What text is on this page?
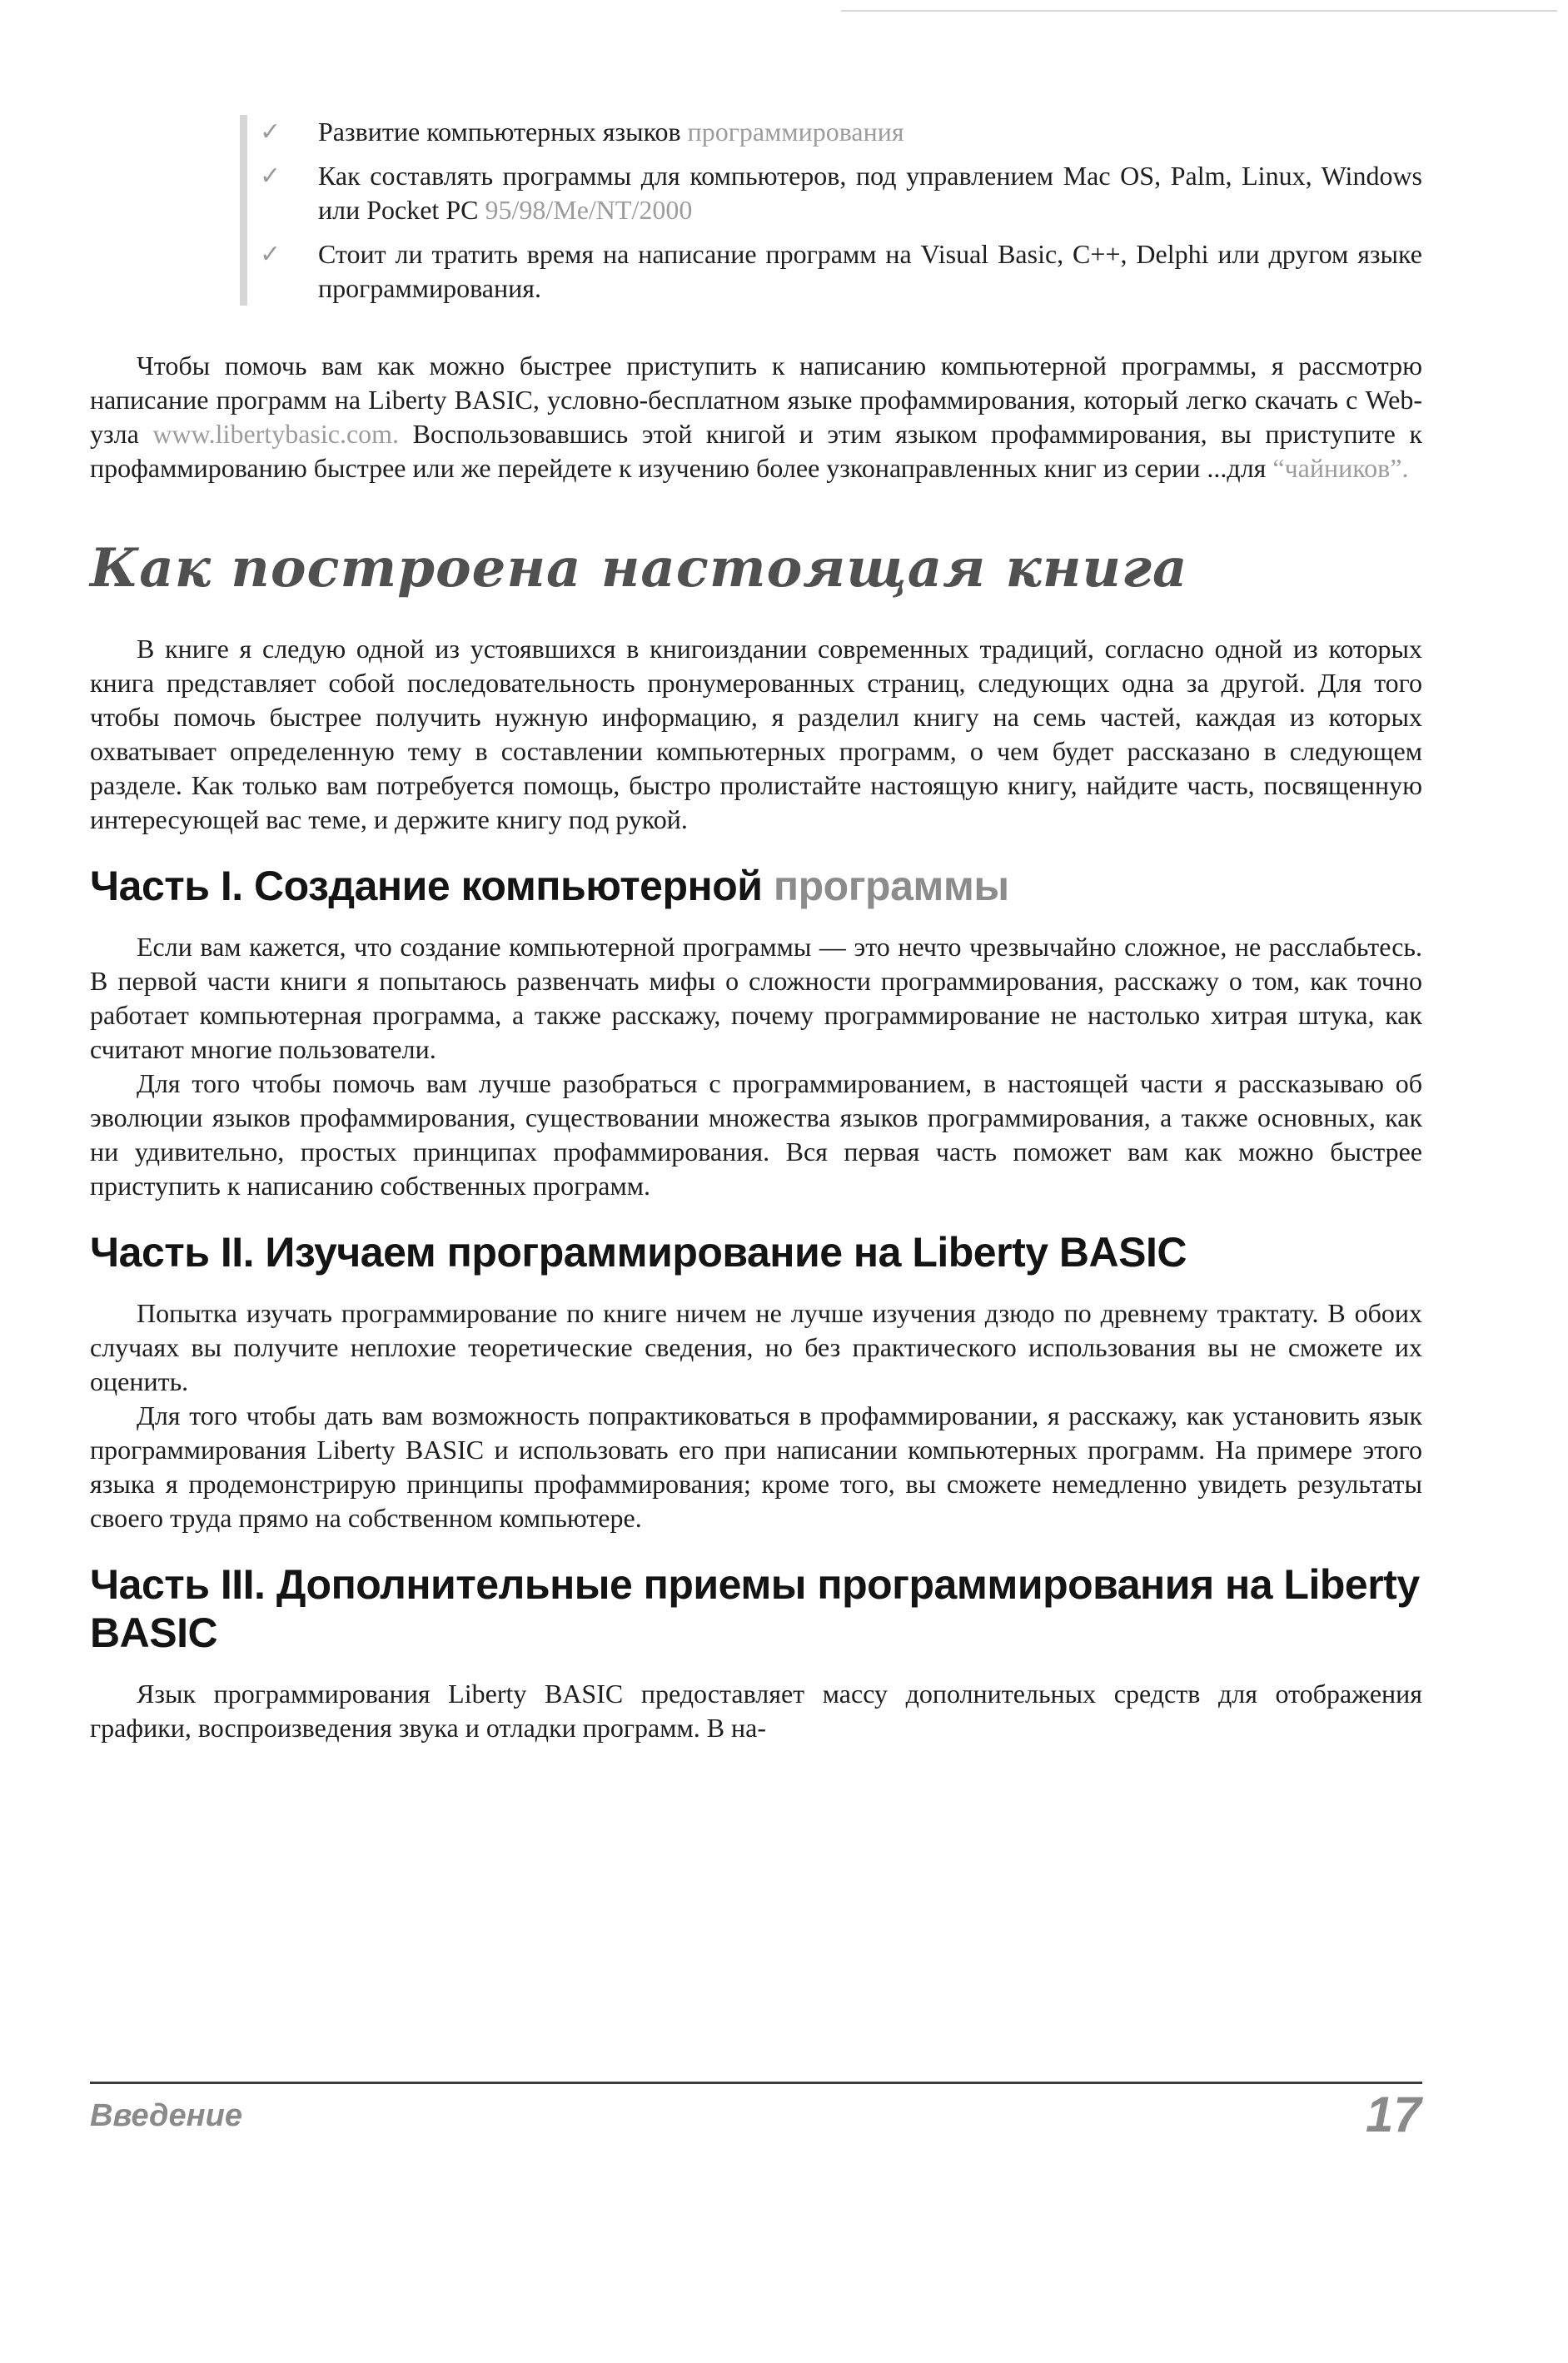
✓ Развитие компьютерных языков программирования
✓ Как составлять программы для компьютеров, под управлением Mac OS, Palm, Linux, Windows или Pocket PC 95/98/Me/NT/2000
✓ Стоит ли тратить время на написание программ на Visual Basic, C++, Delphi или другом языке программирования.

Чтобы помочь вам как можно быстрее приступить к написанию компьютерной программы, я рассмотрю написание программ на Liberty BASIC, условно-бесплатном языке профаммирования, который легко скачать с Web-узла www.libertybasic.com. Воспользовавшись этой книгой и этим языком профаммирования, вы приступите к профаммированию быстрее или же перейдете к изучению более узконаправленных книг из серии ...для “чайников”.

Как построена настоящая книга

В книге я следую одной из устоявшихся в книгоиздании современных традиций, согласно одной из которых книга представляет собой последовательность пронумерованных страниц, следующих одна за другой. Для того чтобы помочь быстрее получить нужную информацию, я разделил книгу на семь частей, каждая из которых охватывает определенную тему в составлении компьютерных программ, о чем будет рассказано в следующем разделе. Как только вам потребуется помощь, быстро пролистайте настоящую книгу, найдите часть, посвященную интересующей вас теме, и держите книгу под рукой.

Часть I. Создание компьютерной программы

Если вам кажется, что создание компьютерной программы — это нечто чрезвычайно сложное, не расслабьтесь. В первой части книги я попытаюсь развенчать мифы о сложности программирования, расскажу о том, как точно работает компьютерная программа, а также расскажу, почему программирование не настолько хитрая штука, как считают многие пользователи.

Для того чтобы помочь вам лучше разобраться с программированием, в настоящей части я рассказываю об эволюции языков профаммирования, существовании множества языков программирования, а также основных, как ни удивительно, простых принципах профаммирования. Вся первая часть поможет вам как можно быстрее приступить к написанию собственных программ.

Часть II. Изучаем программирование на Liberty BASIC

Попытка изучать программирование по книге ничем не лучше изучения дзюдо по древнему трактату. В обоих случаях вы получите неплохие теоретические сведения, но без практического использования вы не сможете их оценить.

Для того чтобы дать вам возможность попрактиковаться в профаммировании, я расскажу, как установить язык программирования Liberty BASIC и использовать его при написании компьютерных программ. На примере этого языка я продемонстрирую принципы профаммирования; кроме того, вы сможете немедленно увидеть результаты своего труда прямо на собственном компьютере.

Часть III. Дополнительные приемы программирования на Liberty BASIC

Язык программирования Liberty BASIC предоставляет массу дополнительных средств для отображения графики, воспроизведения звука и отладки программ. В на-

Введение	17
